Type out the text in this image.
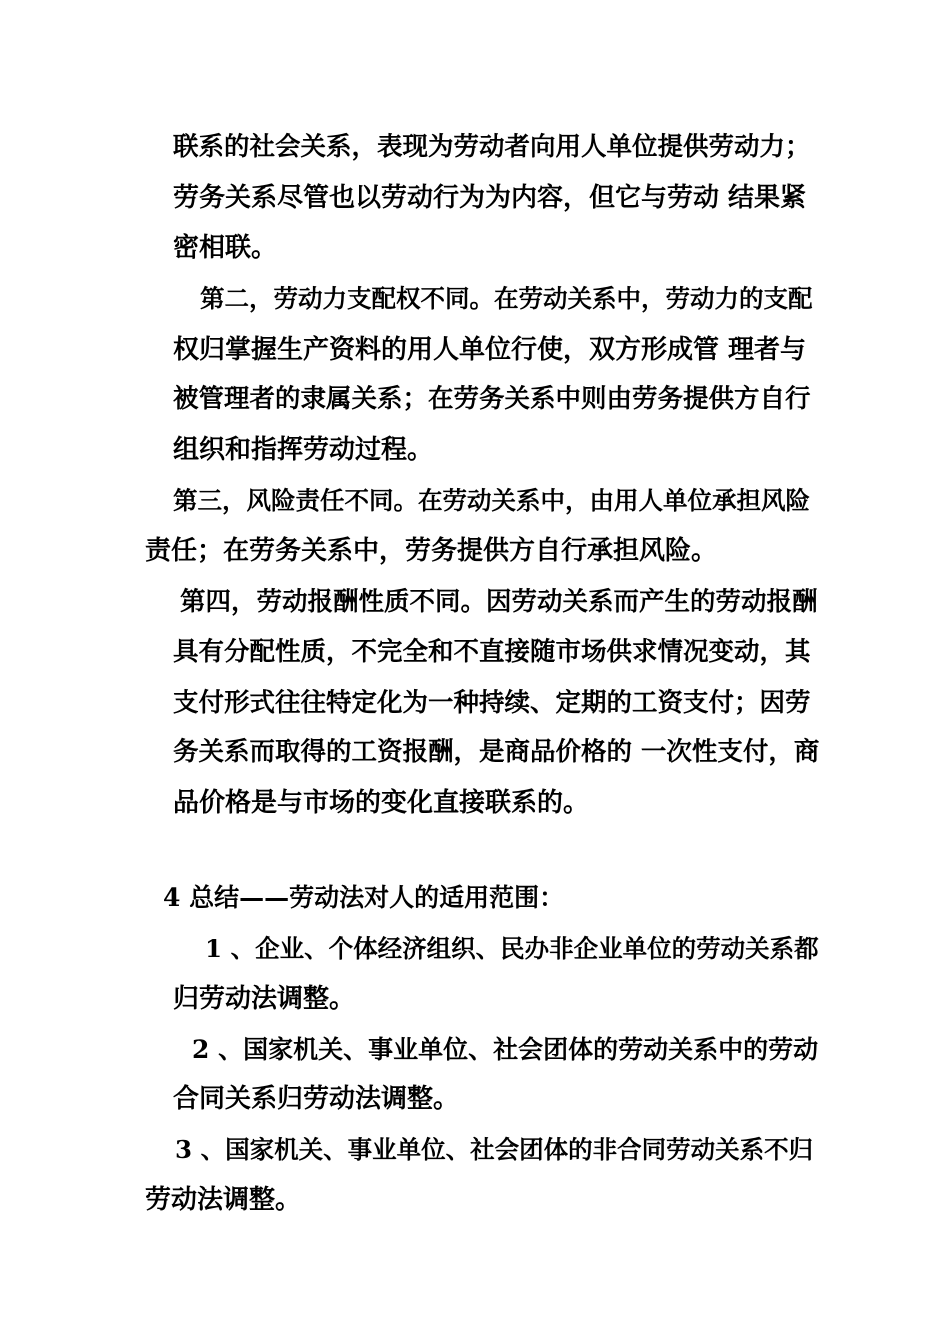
联系的社会关系，表现为劳动者向用人单位提供劳动力；
劳务关系尽管也以劳动行为为内容，但它与劳动 结果紧
密相联。
第二，劳动力支配权不同。在劳动关系中，劳动力的支配
权归掌握生产资料的用人单位行使，双方形成管 理者与
被管理者的隶属关系；在劳务关系中则由劳务提供方自行
组织和指挥劳动过程。
第三，风险责任不同。在劳动关系中，由用人单位承担风险
责任；在劳务关系中，劳务提供方自行承担风险。
第四，劳动报酬性质不同。因劳动关系而产生的劳动报酬
具有分配性质，不完全和不直接随市场供求情况变动，其
支付形式往往特定化为一种持续、定期的工资支付；因劳
务关系而取得的工资报酬，是商品价格的 一次性支付，商
品价格是与市场的变化直接联系的。
4 总结——劳动法对人的适用范围：
1 、企业、个体经济组织、民办非企业单位的劳动关系都
归劳动法调整。
2 、国家机关、事业单位、社会团体的劳动关系中的劳动
合同关系归劳动法调整。
3 、国家机关、事业单位、社会团体的非合同劳动关系不归
劳动法调整。
